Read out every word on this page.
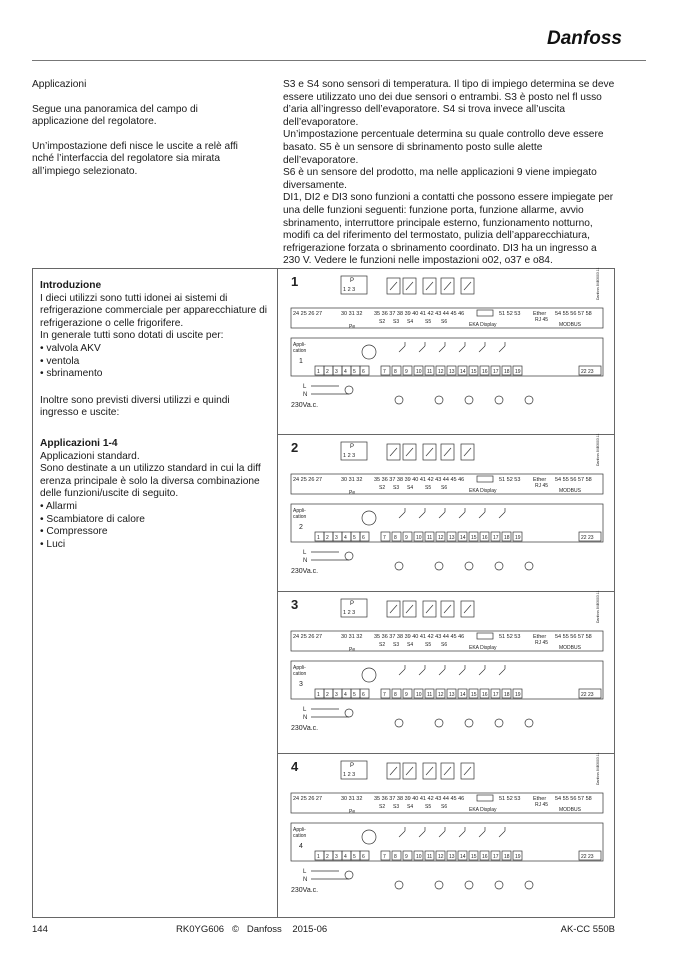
Danfoss

Applicazioni

Segue una panoramica del campo di applicazione del regolatore.

Un’impostazione defi nisce le uscite a relè affi nché l’interfaccia del regolatore sia mirata all’impiego selezionato.

S3 e S4 sono sensori di temperatura. Il tipo di impiego determina se deve essere utilizzato uno dei due sensori o entrambi. S3 è posto nel fl usso d’aria all’ingresso dell’evaporatore. S4 si trova invece all’uscita dell’evaporatore.
Un’impostazione percentuale determina su quale controllo deve essere basato. S5 è un sensore di sbrinamento posto sulle alette dell’evaporatore.
S6 è un sensore del prodotto, ma nelle applicazioni 9 viene impiegato diversamente.
DI1, DI2 e DI3 sono funzioni a contatti che possono essere impiegate per una delle funzioni seguenti: funzione porta, funzione allarme, avvio sbrinamento, interruttore principale esterno, funzionamento notturno, modifi ca del riferimento del termostato, pulizia dell’apparecchiatura, refrigerazione forzata o sbrinamento coordinato. DI3 ha un ingresso a 230 V. Vedere le funzioni nelle impostazioni o02, o37 e o84.

Introduzione

I dieci utilizzi sono tutti idonei ai sistemi di refrigerazione commerciale per apparecchiature di refrigerazione o celle frigorifere.
In generale tutti sono dotati di uscite per:
• valvola AKV
• ventola
• sbrinamento

Inoltre sono previsti diversi utilizzi e quindi ingresso e uscite:

Applicazioni 1-4

Applicazioni standard.
Sono destinate a un utilizzo standard in cui la diff erenza principale è solo la diversa combinazione
delle funzioni/uscite di seguito.
• Allarmi
• Scambiatore di calore
• Compressore
• Luci

1	P
1 2 3	Danfoss 84B3003.11
24 25 26 27	30 31 32 35 36 37 38 39 40 41 42 43 44 45 46	51 52 53 Ether
RJ 45
54 55 56 57 58
Pe
S2 S3 S4 S5 S6	EKA Display	MODBUS
Appli-
cation
1
1 2 3 4 5 6	7 8 9 10 11 12 13 14 15 16 17 18 19	22 23
L
N
230Va.c.
2	P
1 2 3	Danfoss 84B3003.11
24 25 26 27	30 31 32 35 36 37 38 39 40 41 42 43 44 45 46	51 52 53 Ether
RJ 45
54 55 56 57 58
Pe
S2 S3 S4 S5 S6	EKA Display	MODBUS
Appli-
cation
2
1 2 3 4 5 6	7 8 9 10 11 12 13 14 15 16 17 18 19	22 23
L
N
230Va.c.
3	P
1 2 3	Danfoss 84B3003.11
24 25 26 27	30 31 32 35 36 37 38 39 40 41 42 43 44 45 46	51 52 53 Ether
RJ 45
54 55 56 57 58
Pe
S2 S3 S4 S5 S6	EKA Display	MODBUS
Appli-
cation
3
1 2 3 4 5 6	7 8 9 10 11 12 13 14 15 16 17 18 19	22 23
L
N
230Va.c.
4	P
1 2 3	Danfoss 84B3003.11
24 25 26 27	30 31 32 35 36 37 38 39 40 41 42 43 44 45 46	51 52 53 Ether
RJ 45
54 55 56 57 58
Pe
S2 S3 S4 S5 S6	EKA Display	MODBUS
Appli-
cation
4
1 2 3 4 5 6	7 8 9 10 11 12 13 14 15 16 17 18 19	22 23
L
N
230Va.c.
144	RK0YG606 © Danfoss 2015-06	AK-CC 550B
